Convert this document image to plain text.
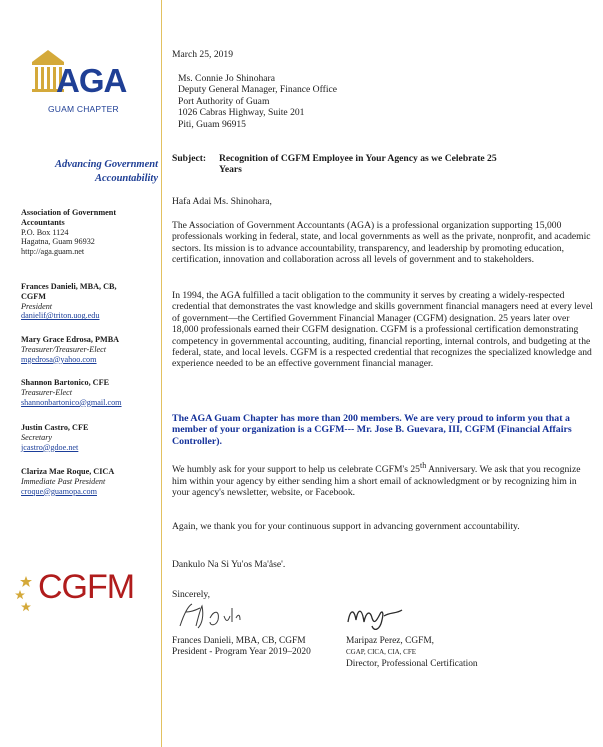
AGA
GUAM CHAPTER
Advancing Government
Accountability
Association of Government
Accountants
P.O. Box 1124
Hagatna, Guam 96932
http://aga.guam.net
Frances Danieli, MBA, CB,
CGFM
President
danielif@triton.uog.edu
Mary Grace Edrosa, PMBA
Treasurer/Treasurer-Elect
mgedrosa@yahoo.com
Shannon Bartonico, CFE
Treasurer-Elect
shannonbartonico@gmail.com
Justin Castro, CFE
Secretary
jcastro@gdoe.net
Clariza Mae Roque, CICA
Immediate Past President
croque@guamopa.com
CGFM
March 25, 2019
Ms. Connie Jo Shinohara
Deputy General Manager, Finance Office
Port Authority of Guam
1026 Cabras Highway, Suite 201
Piti, Guam 96915
Subject: Recognition of CGFM Employee in Your Agency as we Celebrate 25 Years
Hafa Adai Ms. Shinohara,
The Association of Government Accountants (AGA) is a professional organization supporting 15,000 professionals working in federal, state, and local governments as well as the private, nonprofit, and academic sectors. Its mission is to advance accountability, transparency, and leadership by promoting education, certification, innovation and collaboration across all levels of government and to stakeholders.
In 1994, the AGA fulfilled a tacit obligation to the community it serves by creating a widely-respected credential that demonstrates the vast knowledge and skills government financial managers need at every level of government—the Certified Government Financial Manager (CGFM) designation. 25 years later over 18,000 professionals earned their CGFM designation. CGFM is a professional certification demonstrating competency in governmental accounting, auditing, financial reporting, internal controls, and budgeting at the federal, state, and local levels. CGFM is a respected credential that recognizes the specialized knowledge and experience needed to be an effective government financial manager.
The AGA Guam Chapter has more than 200 members. We are very proud to inform you that a member of your organization is a CGFM--- Mr. Jose B. Guevara, III, CGFM (Financial Affairs Controller).
We humbly ask for your support to help us celebrate CGFM's 25th Anniversary. We ask that you recognize him within your agency by either sending him a short email of acknowledgment or by recognizing him in your agency's newsletter, website, or Facebook.
Again, we thank you for your continuous support in advancing government accountability.
Dankulo Na Si Yu'os Ma'åse'.
Sincerely,
Frances Danieli, MBA, CB, CGFM
President - Program Year 2019–2020
Maripaz Perez, CGFM,
CGAP, CICA, CIA, CFE
Director, Professional Certification
